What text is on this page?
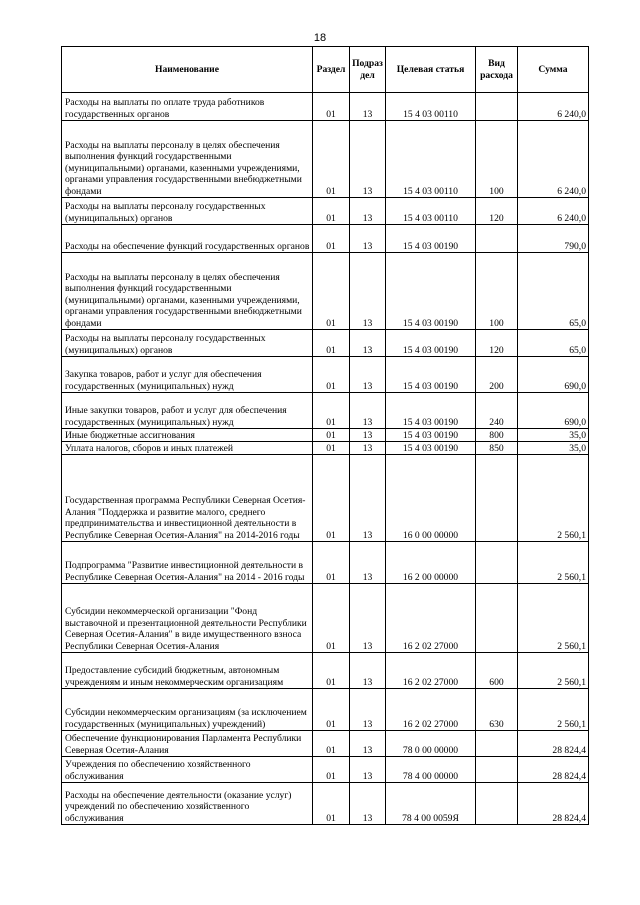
18
Наименование	Раздел	Подраз дел	Целевая статья	Вид расхода	Сумма

Расходы на выплаты по оплате труда работников государственных органов	01	13	15 4 03 00110		6 240,0

Расходы на выплаты персоналу в целях обеспечения выполнения функций государственными (муниципальными) органами, казенными учреждениями, органами управления государственными внебюджетными фондами	01	13	15 4 03 00110	100	6 240,0

Расходы на выплаты персоналу государственных (муниципальных) органов	01	13	15 4 03 00110	120	6 240,0

Расходы на обеспечение функций государственных органов	01	13	15 4 03 00190		790,0

Расходы на выплаты персоналу в целях обеспечения выполнения функций государственными (муниципальными) органами, казенными учреждениями, органами управления государственными внебюджетными фондами	01	13	15 4 03 00190	100	65,0

Расходы на выплаты персоналу государственных (муниципальных) органов	01	13	15 4 03 00190	120	65,0

Закупка товаров, работ и услуг для обеспечения государственных (муниципальных) нужд	01	13	15 4 03 00190	200	690,0

Иные закупки товаров, работ и услуг для обеспечения государственных (муниципальных) нужд	01	13	15 4 03 00190	240	690,0

Иные бюджетные ассигнования	01	13	15 4 03 00190	800	35,0

Уплата налогов, сборов и иных платежей	01	13	15 4 03 00190	850	35,0

Государственная программа Республики Северная Осетия-Алания "Поддержка и развитие малого, среднего предпринимательства и инвестиционной деятельности в Республике Северная Осетия-Алания" на 2014-2016 годы	01	13	16 0 00 00000		2 560,1

Подпрограмма "Развитие инвестиционной деятельности в Республике Северная Осетия-Алания" на 2014 - 2016 годы	01	13	16 2 00 00000		2 560,1

Субсидии некоммерческой организации "Фонд выставочной и презентационной деятельности Республики Северная Осетия-Алания" в виде имущественного взноса Республики Северная Осетия-Алания	01	13	16 2 02 27000		2 560,1

Предоставление субсидий бюджетным, автономным учреждениям и иным некоммерческим организациям	01	13	16 2 02 27000	600	2 560,1

Субсидии некоммерческим организациям (за исключением государственных (муниципальных) учреждений)	01	13	16 2 02 27000	630	2 560,1

Обеспечение функционирования Парламента Республики Северная Осетия-Алания	01	13	78 0 00 00000		28 824,4

Учреждения по обеспечению хозяйственного обслуживания	01	13	78 4 00 00000		28 824,4

Расходы на обеспечение деятельности (оказание услуг) учреждений по обеспечению хозяйственного обслуживания	01	13	78 4 00 0059Я		28 824,4
